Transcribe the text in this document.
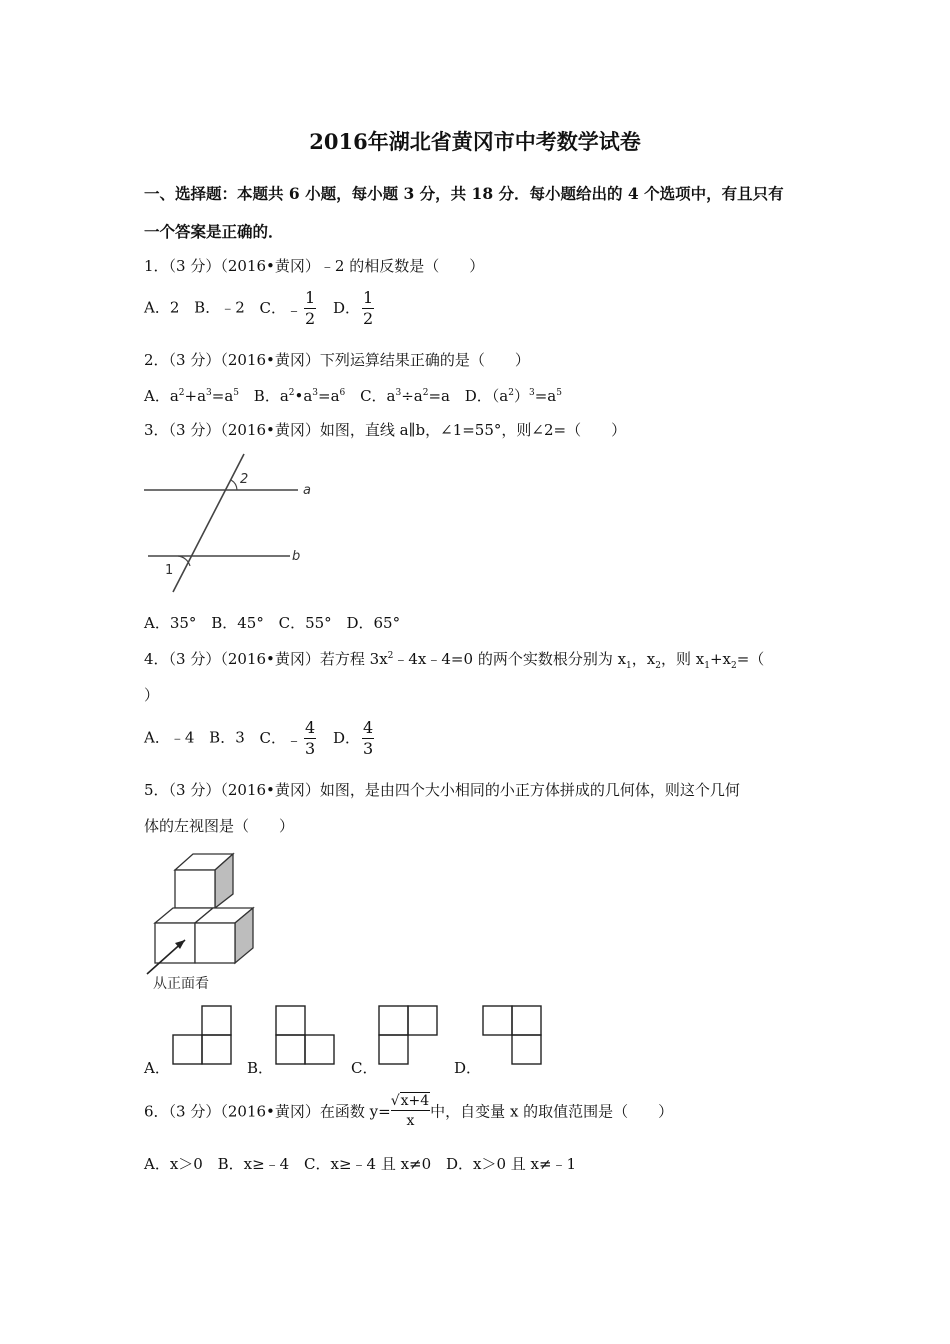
2016年湖北省黄冈市中考数学试卷
一、选择题：本题共 6 小题，每小题 3 分，共 18 分．每小题给出的 4 个选项中，有且只有
一个答案是正确的．
1．（3 分）（2016•黄冈）﹣2 的相反数是（　　）
A．2 B．﹣2 C．﹣ $\frac{1}{2}$ D． $\frac{1}{2}$
2．（3 分）（2016•黄冈）下列运算结果正确的是（　　）
A．$a^2+a^3=a^5$ B．$a^2•a^3=a^6$ C．$a^3\div a^2=a$ D．$(a^2)^3=a^5$
3．（3 分）（2016•黄冈）如图，直线 a∥b，∠1=55°，则∠2=（　　）
2
a
b
1
A．35° B．45° C．55° D．65°
4．（3 分）（2016•黄冈）若方程 $3x^2﹣4x﹣4=0$ 的两个实数根分别为 $x_1$，$x_2$，则 $x_1+x_2=$（
）
A．﹣4 B．3 C．﹣ $\frac{4}{3}$ D． $\frac{4}{3}$
5．（3 分）（2016•黄冈）如图，是由四个大小相同的小正方体拼成的几何体，则这个几何
体的左视图是（　　）
从正面看
A．	B．	C．	D．
6．（3 分）（2016•黄冈）在函数 $y= \frac{√x+4}{x}$ 中，自变量 x 的取值范围是（　　）
A．x＞0 B．x≥﹣4 C．x≥﹣4 且 x≠0 D．x＞0 且 x≠﹣1
